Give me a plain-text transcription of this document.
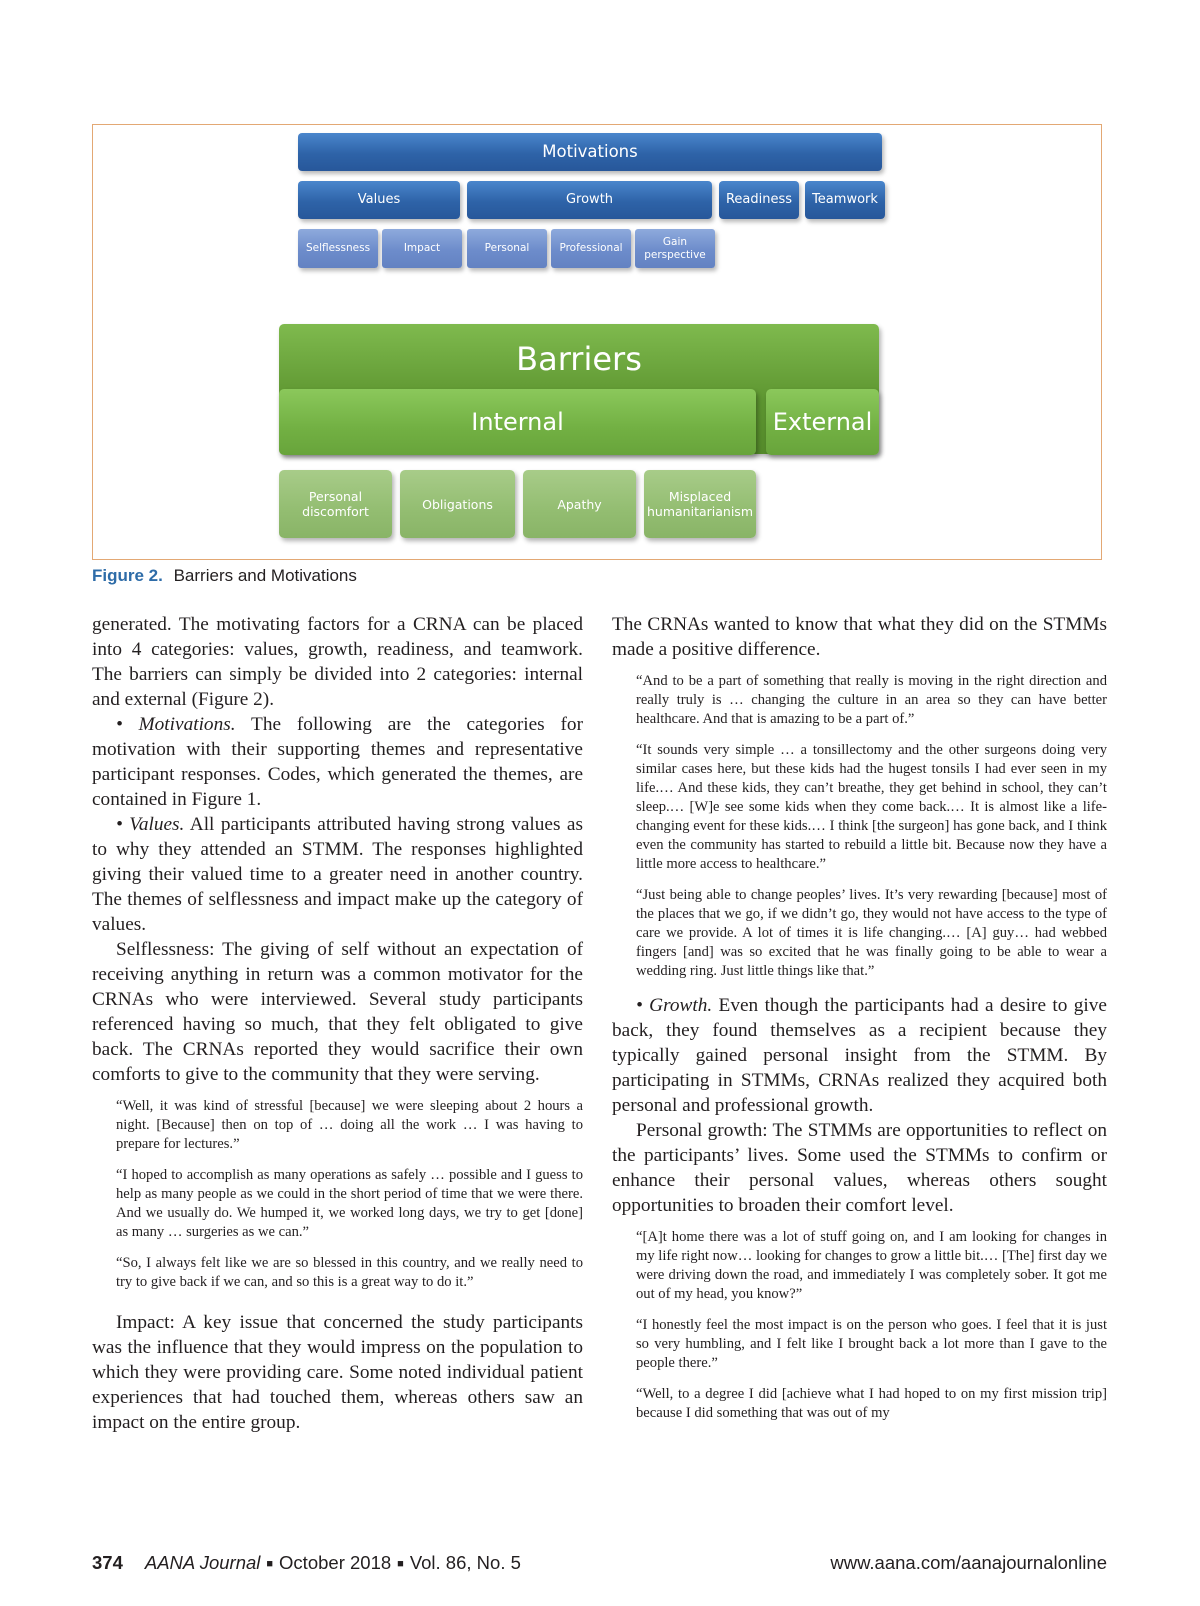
Motivations
Values	Growth	Readiness	Teamwork
Selflessness	Impact	Personal	Professional
Gain
perspective
Barriers
Internal	External
Personal
discomfort	Obligations	Apathy	Misplaced
humanitarianism
Figure 2. Barriers and Motivations

generated. The motivating factors for a CRNA can be placed into 4 categories: values, growth, readiness, and teamwork. The barriers can simply be divided into 2 categories: internal and external (Figure 2).

• Motivations. The following are the categories for motivation with their supporting themes and representative participant responses. Codes, which generated the themes, are contained in Figure 1.

• Values. All participants attributed having strong values as to why they attended an STMM. The responses highlighted giving their valued time to a greater need in another country. The themes of selflessness and impact make up the category of values.

Selflessness: The giving of self without an expectation of receiving anything in return was a common motivator for the CRNAs who were interviewed. Several study participants referenced having so much, that they felt obligated to give back. The CRNAs reported they would sacrifice their own comforts to give to the community that they were serving.

“Well, it was kind of stressful [because] we were sleeping about 2 hours a night. [Because] then on top of … doing all the work … I was having to prepare for lectures.”
“I hoped to accomplish as many operations as safely … possible and I guess to help as many people as we could in the short period of time that we were there. And we usually do. We humped it, we worked long days, we try to get [done] as many … surgeries as we can.”
“So, I always felt like we are so blessed in this country, and we really need to try to give back if we can, and so this is a great way to do it.”

Impact: A key issue that concerned the study participants was the influence that they would impress on the population to which they were providing care. Some noted individual patient experiences that had touched them, whereas others saw an impact on the entire group.

The CRNAs wanted to know that what they did on the STMMs made a positive difference.

“And to be a part of something that really is moving in the right direction and really truly is … changing the culture in an area so they can have better healthcare. And that is amazing to be a part of.”
“It sounds very simple … a tonsillectomy and the other surgeons doing very similar cases here, but these kids had the hugest tonsils I had ever seen in my life.… And these kids, they can’t breathe, they get behind in school, they can’t sleep.… [W]e see some kids when they come back.… It is almost like a life-changing event for these kids.… I think [the surgeon] has gone back, and I think even the community has started to rebuild a little bit. Because now they have a little more access to healthcare.”
“Just being able to change peoples’ lives. It’s very rewarding [because] most of the places that we go, if we didn’t go, they would not have access to the type of care we provide. A lot of times it is life changing.… [A] guy… had webbed fingers [and] was so excited that he was finally going to be able to wear a wedding ring. Just little things like that.”

• Growth. Even though the participants had a desire to give back, they found themselves as a recipient because they typically gained personal insight from the STMM. By participating in STMMs, CRNAs realized they acquired both personal and professional growth.

Personal growth: The STMMs are opportunities to reflect on the participants’ lives. Some used the STMMs to confirm or enhance their personal values, whereas others sought opportunities to broaden their comfort level.

“[A]t home there was a lot of stuff going on, and I am looking for changes in my life right now… looking for changes to grow a little bit.… [The] first day we were driving down the road, and immediately I was completely sober. It got me out of my head, you know?”
“I honestly feel the most impact is on the person who goes. I feel that it is just so very humbling, and I felt like I brought back a lot more than I gave to the people there.”
“Well, to a degree I did [achieve what I had hoped to on my first mission trip] because I did something that was out of my
374 AANA Journal ■ October 2018 ■ Vol. 86, No. 5	www.aana.com/aanajournalonline
